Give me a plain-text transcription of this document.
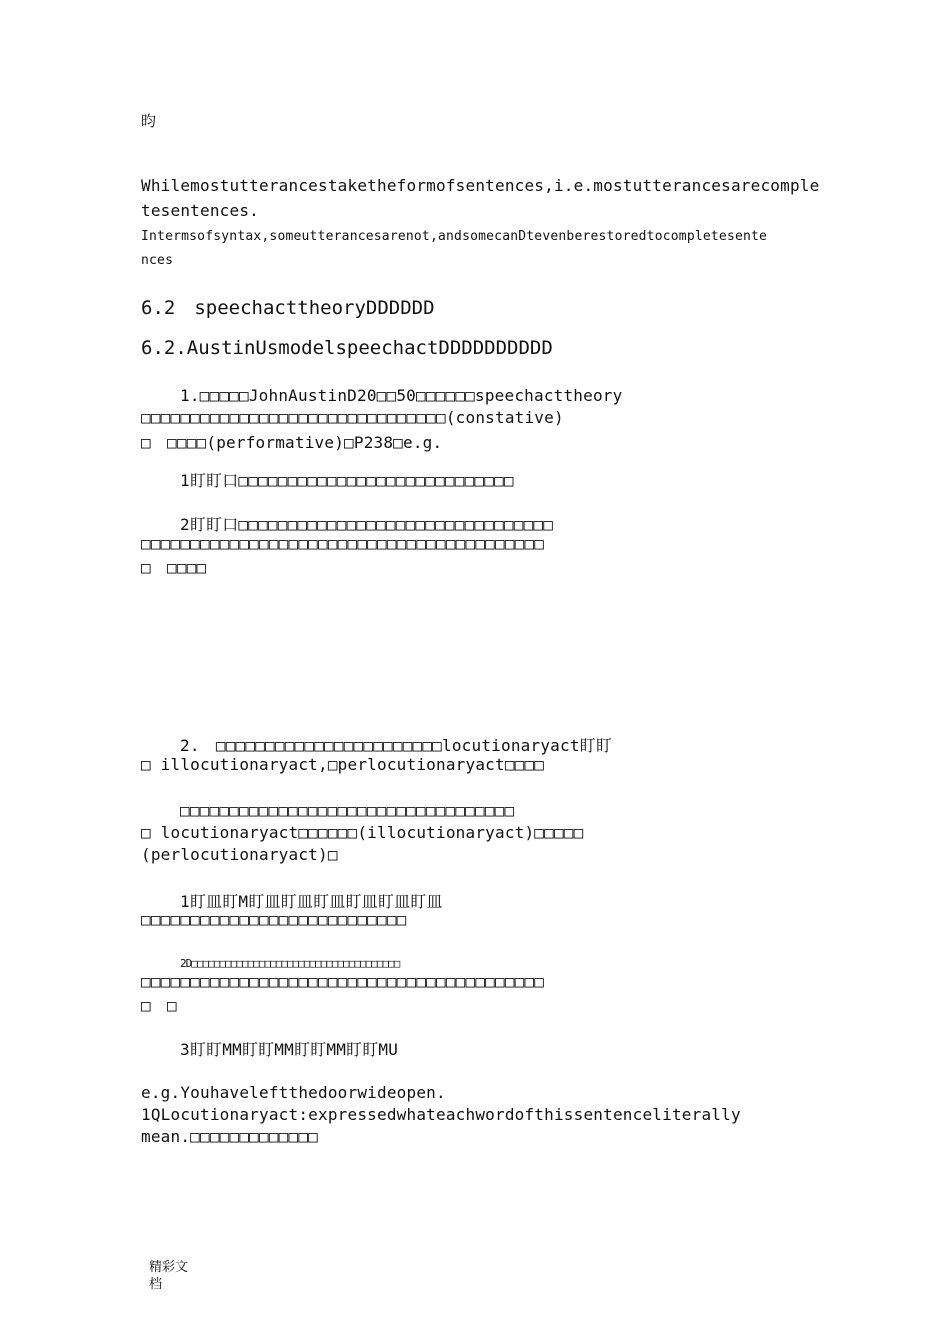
昀
Whilemostutterancestaketheformofsentences,i.e.mostutterancesarecomple
tesentences.
Intermsofsyntax,someutterancesarenot,andsomecanDtevenberestoredtocompletesente
nces
6.2　speechacttheoryDDDDDD
6.2.AustinUsmodelspeechactDDDDDDDDDD
1.□□□□□JohnAustinD20□□50□□□□□□speechacttheory
□□□□□□□□□□□□□□□□□□□□□□□□□□□□□□□(constative)
□　□□□□(performative)□P238□e.g.
1盯盯口□□□□□□□□□□□□□□□□□□□□□□□□□□□□
2盯盯口□□□□□□□□□□□□□□□□□□□□□□□□□□□□□□□□
□□□□□□□□□□□□□□□□□□□□□□□□□□□□□□□□□□□□□□□□□
□　□□□□
2.　□□□□□□□□□□□□□□□□□□□□□□□locutionaryact盯盯
□ illocutionaryact,□perlocutionaryact□□□□
□□□□□□□□□□□□□□□□□□□□□□□□□□□□□□□□□□
□ locutionaryact□□□□□□(illocutionaryact)□□□□□
(perlocutionaryact)□
1盯皿盯M盯皿盯皿盯皿盯皿盯皿盯皿
□□□□□□□□□□□□□□□□□□□□□□□□□□□
2D□□□□□□□□□□□□□□□□□□□□□□□□□□□□□□□□□□□□□
□□□□□□□□□□□□□□□□□□□□□□□□□□□□□□□□□□□□□□□□□
□　□
3盯盯MM盯盯MM盯盯MM盯盯MU
e.g.Youhaveleftthedoorwideopen.
1QLocutionaryact:expressedwhateachwordofthissentenceliterally
mean.□□□□□□□□□□□□□
精彩文
档
